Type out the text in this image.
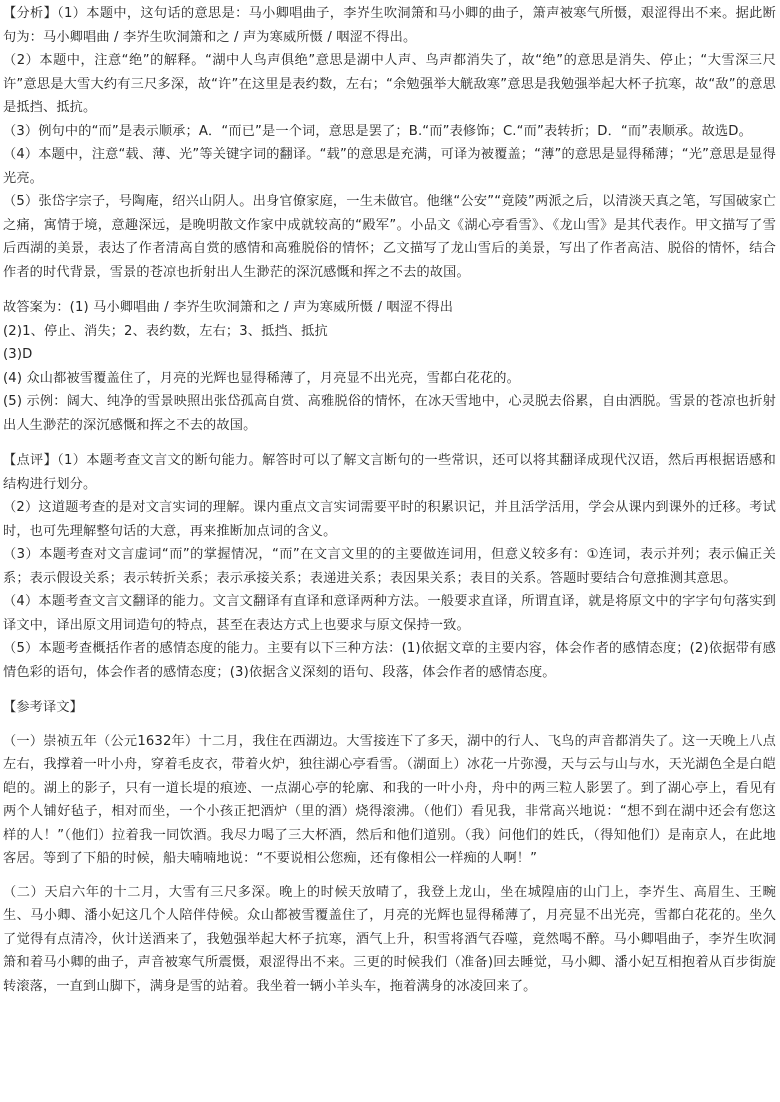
【分析】（1）本题中，这句话的意思是：马小卿唱曲子，李岕生吹洞箫和马小卿的曲子，箫声被寒气所慑，艰涩得出不来。据此断句为：马小卿唱曲 / 李岕生吹洞箫和之 / 声为寒威所慑 / 咽涩不得出。

（2）本题中，注意“绝”的解释。“湖中人鸟声俱绝”意思是湖中人声、鸟声都消失了，故“绝”的意思是消失、停止；“大雪深三尺许”意思是大雪大约有三尺多深，故“许”在这里是表约数，左右；“余勉强举大觥敌寒”意思是我勉强举起大杯子抗寒，故“敌”的意思是抵挡、抵抗。

（3）例句中的“而”是表示顺承；A．“而已”是一个词，意思是罢了；B.“而”表修饰；C.“而”表转折；D．“而”表顺承。故选D。

（4）本题中，注意“载、薄、光”等关键字词的翻译。“载”的意思是充满，可译为被覆盖；“薄”的意思是显得稀薄；“光”意思是显得光亮。

（5）张岱字宗子，号陶庵，绍兴山阴人。出身官僚家庭，一生未做官。他继“公安”“竟陵”两派之后，以清淡天真之笔，写国破家亡之痛，寓情于境，意趣深远，是晚明散文作家中成就较高的“殿军”。小品文《湖心亭看雪》、《龙山雪》是其代表作。甲文描写了雪后西湖的美景，表达了作者清高自赏的感情和高雅脱俗的情怀；乙文描写了龙山雪后的美景，写出了作者高洁、脱俗的情怀，结合作者的时代背景，雪景的苍凉也折射出人生渺茫的深沉感慨和挥之不去的故国。

故答案为：(1) 马小卿唱曲 / 李岕生吹洞箫和之 / 声为寒威所慑 / 咽涩不得出

(2)1、停止、消失；2、表约数，左右；3、抵挡、抵抗

(3)D

(4) 众山都被雪覆盖住了，月亮的光辉也显得稀薄了，月亮显不出光亮，雪都白花花的。

(5) 示例：阔大、纯净的雪景映照出张岱孤高自赏、高雅脱俗的情怀，在冰天雪地中，心灵脱去俗累，自由洒脱。雪景的苍凉也折射出人生渺茫的深沉感慨和挥之不去的故国。

【点评】（1）本题考查文言文的断句能力。解答时可以了解文言断句的一些常识，还可以将其翻译成现代汉语，然后再根据语感和结构进行划分。

（2）这道题考查的是对文言实词的理解。课内重点文言实词需要平时的积累识记，并且活学活用，学会从课内到课外的迁移。考试时，也可先理解整句话的大意，再来推断加点词的含义。

（3）本题考查对文言虚词“而”的掌握情况，“而”在文言文里的的主要做连词用，但意义较多有：①连词，表示并列；表示偏正关系；表示假设关系；表示转折关系；表示承接关系；表递进关系；表因果关系；表目的关系。答题时要结合句意推测其意思。

（4）本题考查文言文翻译的能力。文言文翻译有直译和意译两种方法。一般要求直译，所谓直译，就是将原文中的字字句句落实到译文中，译出原文用词造句的特点，甚至在表达方式上也要求与原文保持一致。

（5）本题考查概括作者的感情态度的能力。主要有以下三种方法：(1)依据文章的主要内容，体会作者的感情态度；(2)依据带有感情色彩的语句，体会作者的感情态度；(3)依据含义深刻的语句、段落，体会作者的感情态度。

【参考译文】

（一）崇祯五年（公元1632年）十二月，我住在西湖边。大雪接连下了多天，湖中的行人、飞鸟的声音都消失了。这一天晚上八点左右，我撑着一叶小舟，穿着毛皮衣，带着火炉，独往湖心亭看雪。（湖面上）冰花一片弥漫，天与云与山与水，天光湖色全是白皑皑的。湖上的影子，只有一道长堤的痕迹、一点湖心亭的轮廓、和我的一叶小舟，舟中的两三粒人影罢了。到了湖心亭上，看见有两个人铺好毡子，相对而坐，一个小孩正把酒炉（里的酒）烧得滚沸。（他们）看见我，非常高兴地说：“想不到在湖中还会有您这样的人！”（他们）拉着我一同饮酒。我尽力喝了三大杯酒，然后和他们道别。（我）问他们的姓氏，（得知他们）是南京人，在此地客居。等到了下船的时候，船夫喃喃地说：“不要说相公您痴，还有像相公一样痴的人啊！”

（二）天启六年的十二月，大雪有三尺多深。晚上的时候天放晴了，我登上龙山，坐在城隍庙的山门上，李岕生、高眉生、王畹生、马小卿、潘小妃这几个人陪伴侍候。众山都被雪覆盖住了，月亮的光辉也显得稀薄了，月亮显不出光亮，雪都白花花的。坐久了觉得有点清冷，伙计送酒来了，我勉强举起大杯子抗寒，酒气上升，积雪将酒气吞噬，竟然喝不醉。马小卿唱曲子，李岕生吹洞箫和着马小卿的曲子，声音被寒气所震慑，艰涩得出不来。三更的时候我们（准备)回去睡觉，马小卿、潘小妃互相抱着从百步街旋转滚落，一直到山脚下，满身是雪的站着。我坐着一辆小羊头车，拖着满身的冰凌回来了。
